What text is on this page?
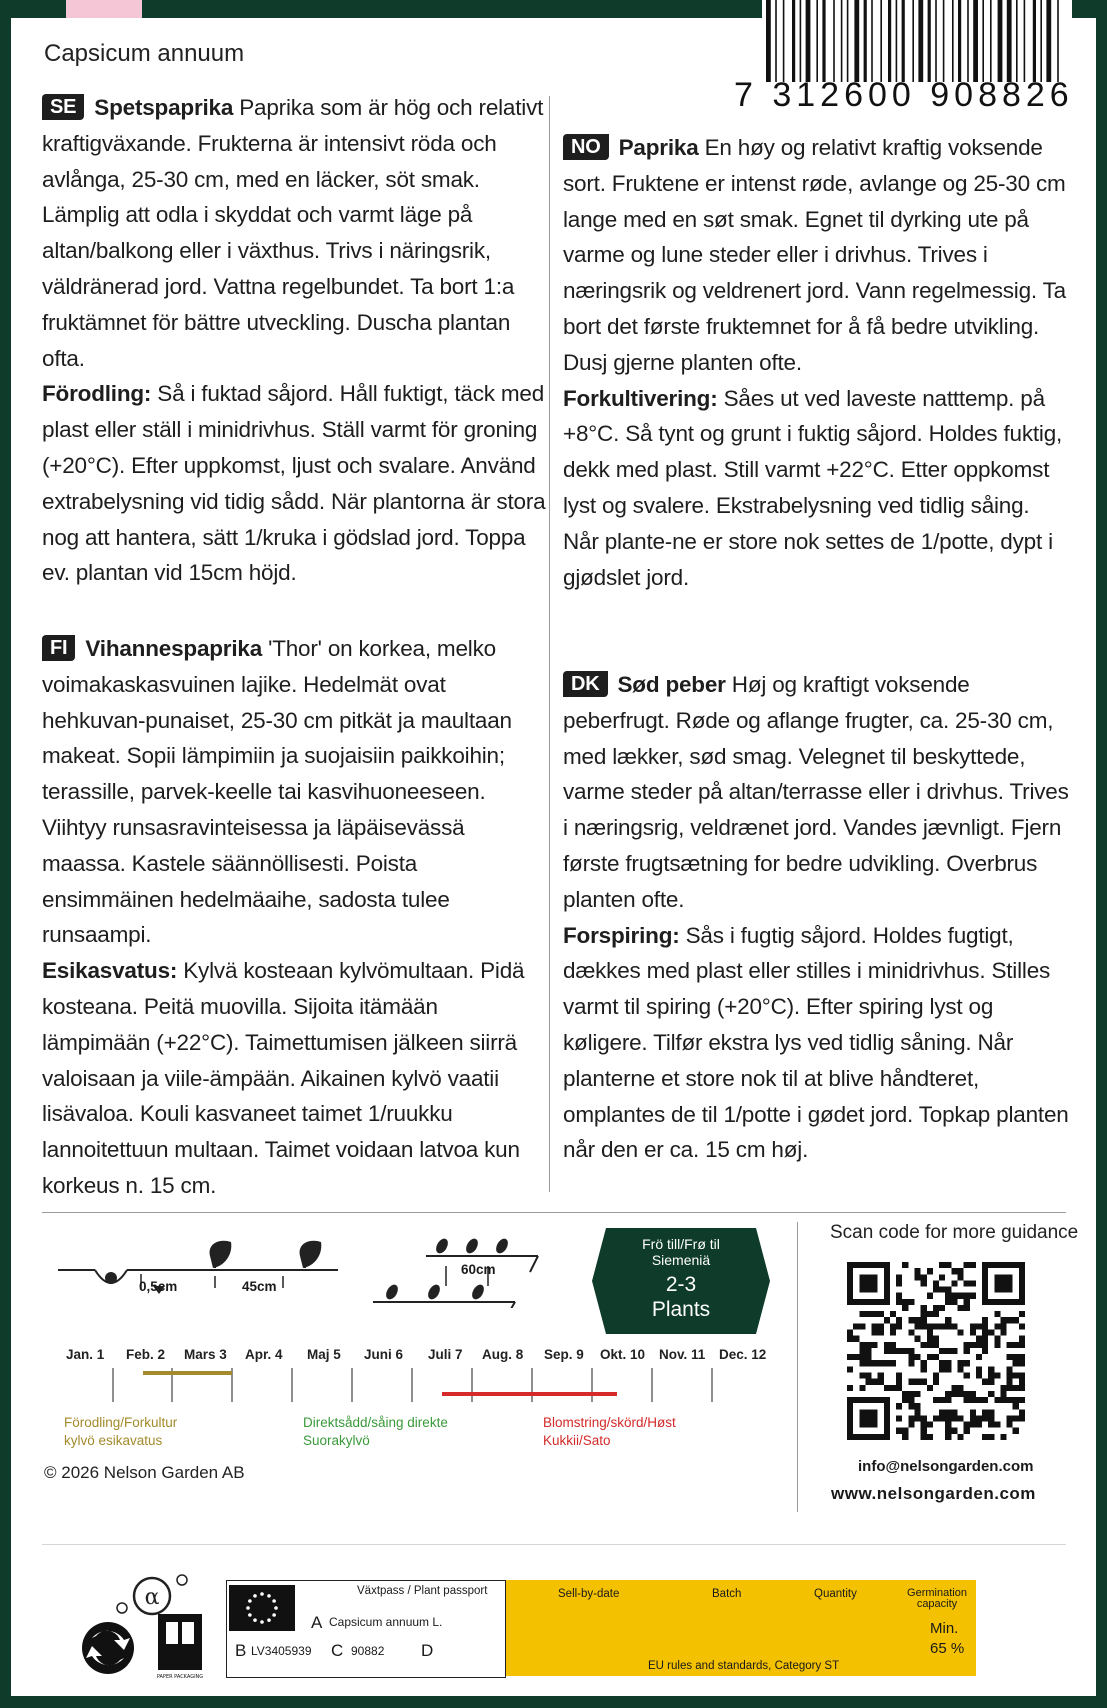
7 312600 908826
Capsicum annuum
SE Spetspaprika Paprika som är hög och relativt kraftigväxande. Frukterna är intensivt röda och avlånga, 25-30 cm, med en läcker, söt smak. Lämplig att odla i skyddat och varmt läge på altan/balkong eller i växthus. Trivs i näringsrik, väldränerad jord. Vattna regelbundet. Ta bort 1:a fruktämnet för bättre utveckling. Duscha plantan ofta.
Förodling: Så i fuktad såjord. Håll fuktigt, täck med plast eller ställ i minidrivhus. Ställ varmt för groning (+20°C). Efter uppkomst, ljust och svalare. Använd extrabelysning vid tidig sådd. När plantorna är stora nog att hantera, sätt 1/kruka i gödslad jord. Toppa ev. plantan vid 15cm höjd.
NO Paprika En høy og relativt kraftig voksende sort. Fruktene er intenst røde, avlange og 25-30 cm lange med en søt smak. Egnet til dyrking ute på varme og lune steder eller i drivhus. Trives i næringsrik og veldrenert jord. Vann regelmessig. Ta bort det første fruktemnet for å få bedre utvikling. Dusj gjerne planten ofte.
Forkultivering: Såes ut ved laveste natttemp. på +8°C. Så tynt og grunt i fuktig såjord. Holdes fuktig, dekk med plast. Still varmt +22°C. Etter oppkomst lyst og svalere. Ekstrabelysning ved tidlig såing. Når plante-ne er store nok settes de 1/potte, dypt i gjødslet jord.
FI Vihannespaprika 'Thor' on korkea, melko voimakaskasvuinen lajike. Hedelmät ovat hehkuvan-punaiset, 25-30 cm pitkät ja maultaan makeat. Sopii lämpimiin ja suojaisiin paikkoihin; terassille, parvek-keelle tai kasvihuoneeseen. Viihtyy runsasravinteisessa ja läpäisevässä maassa. Kastele säännöllisesti. Poista ensimmäinen hedelmäaihe, sadosta tulee runsaampi.
Esikasvatus: Kylvä kosteaan kylvömultaan. Pidä kosteana. Peitä muovilla. Sijoita itämään lämpimään (+22°C). Taimettumisen jälkeen siirrä valoisaan ja viile-ämpään. Aikainen kylvö vaatii lisävaloa. Kouli kasvaneet taimet 1/ruukku lannoitettuun multaan. Taimet voidaan latvoa kun korkeus n. 15 cm.
DK Sød peber Høj og kraftigt voksende peberfrugt. Røde og aflange frugter, ca. 25-30 cm, med lækker, sød smag. Velegnet til beskyttede, varme steder på altan/terrasse eller i drivhus. Trives i næringsrig, veldrænet jord. Vandes jævnligt. Fjern første frugtsætning for bedre udvikling. Overbrus planten ofte.
Forspiring: Sås i fugtig såjord. Holdes fugtigt, dækkes med plast eller stilles i minidrivhus. Stilles varmt til spiring (+20°C). Efter spiring lyst og køligere. Tilfør ekstra lys ved tidlig såning. Når planterne et store nok til at blive håndteret, omplantes de til 1/potte i gødet jord. Topkap planten når den er ca. 15 cm høj.
0,5cm	45cm
60cm
Frö till/Frø til
Siemeniä
2-3
Plants
Jan. 1 Feb. 2 Mars 3 Apr. 4 Maj 5 Juni 6 Juli 7 Aug. 8 Sep. 9 Okt. 10 Nov. 11 Dec. 12
Förodling/Forkultur
kylvö esikavatus
Direktsådd/såing direkte
Suorakylvö
Blomstring/skörd/Høst
Kukkii/Sato
© 2026 Nelson Garden AB
Scan code for more guidance
info@nelsongarden.com
www.nelsongarden.com
α
PAPER PACKAGING
Växtpass / Plant passport
A Capsicum annuum L.
B LV3405939 C 90882 D
Sell-by-date	Batch	Quantity	Germination capacity
Min.
65 %
EU rules and standards, Category ST
